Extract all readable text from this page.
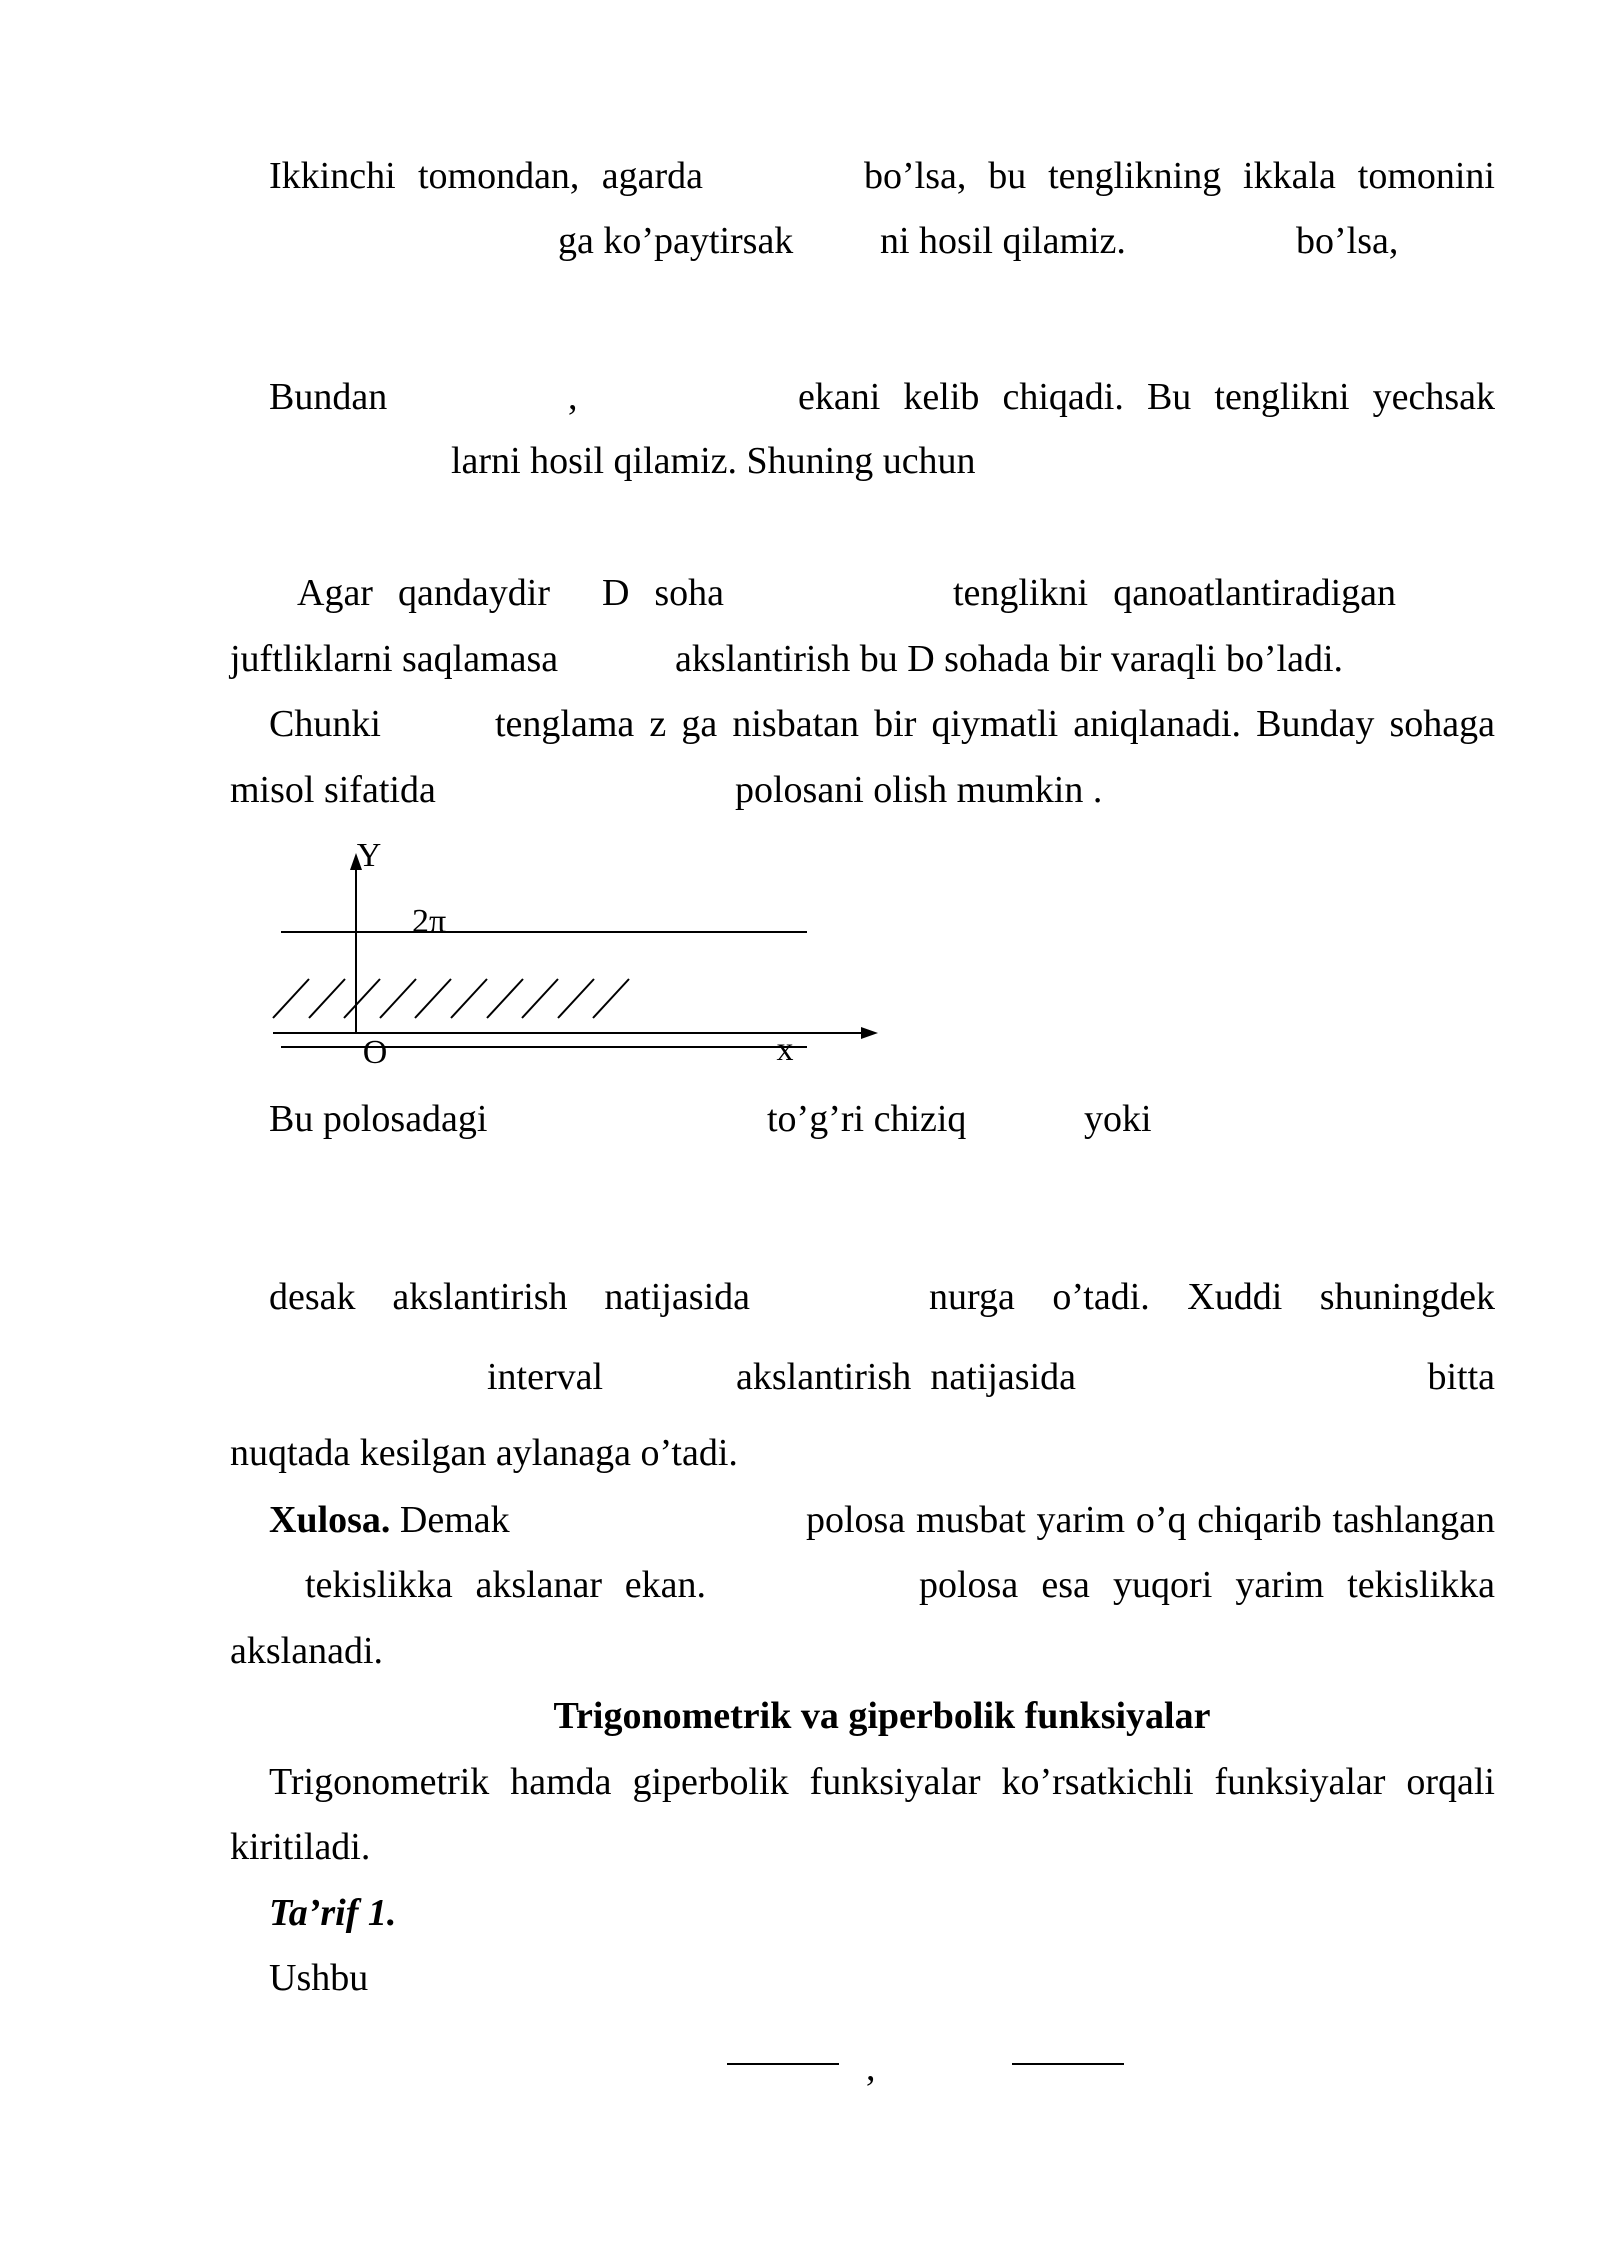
Ikkinchi tomondan, agarda	bo’lsa, bu tenglikning ikkala tomonini
ga ko’paytirsak ni hosil qilamiz.	bo’lsa,
Bundan	,	ekani kelib chiqadi. Bu tenglikni yechsak
larni hosil qilamiz. Shuning uchun
Agar qandaydir D soha	tenglikni qanoatlantiradigan
juftliklarni saqlamasa	akslantirish bu D sohada bir varaqli bo’ladi.
Chunki	tenglama z ga nisbatan bir qiymatli aniqlanadi. Bunday sohaga
misol sifatida	polosani olish mumkin .
Y
2π
O	x
Bu polosadagi	to’g’ri chiziq	yoki
desak akslantirish natijasida	nurga o’tadi. Xuddi shuningdek
interval	akslantirish natijasida	bitta
nuqtada kesilgan aylanaga o’tadi.
Xulosa. Demak	polosa musbat yarim o’q chiqarib tashlangan
tekislikka akslanar ekan.	polosa esa yuqori yarim tekislikka
akslanadi.
Trigonometrik va giperbolik funksiyalar
Trigonometrik hamda giperbolik funksiyalar ko’rsatkichli funksiyalar orqali
kiritiladi.
Ta’rif 1.
Ushbu
,
